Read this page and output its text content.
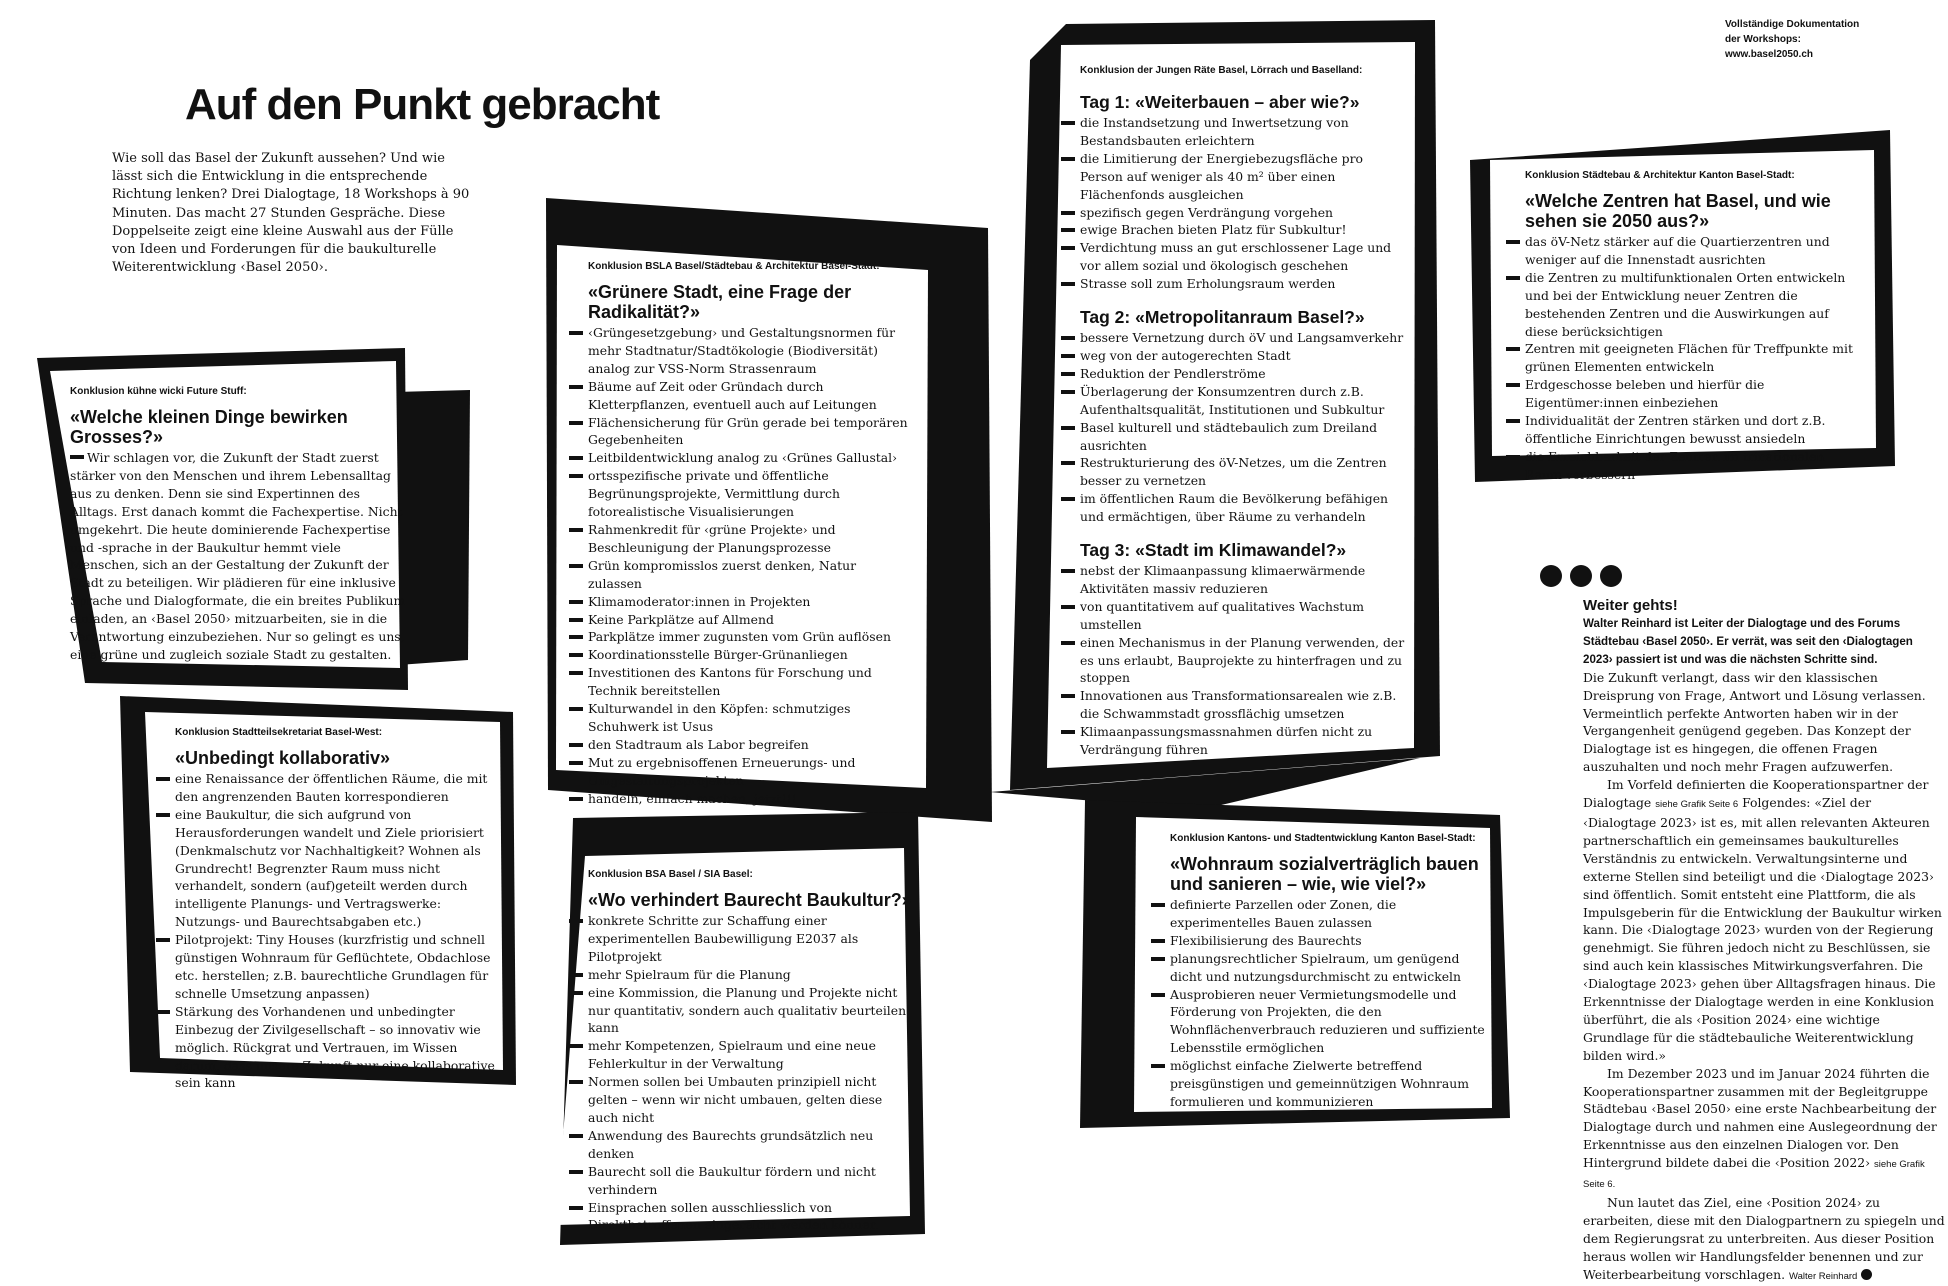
Auf den Punkt gebracht
Wie soll das Basel der Zukunft aussehen? Und wie lässt sich die Entwicklung in die entsprechende Richtung lenken? Drei Dialogtage, 18 Workshops à 90 Minuten. Das macht 27 Stunden Gespräche. Diese Doppelseite zeigt eine kleine Auswahl aus der Fülle von Ideen und Forderungen für die baukulturelle Weiterentwicklung ‹Basel 2050›.
Vollständige Dokumentation
der Workshops:
www.basel2050.ch
Konklusion kühne wicki Future Stuff:
«Welche kleinen Dinge bewirken Grosses?»

Wir schlagen vor, die Zukunft der Stadt zuerst stärker von den Menschen und ihrem Lebensalltag aus zu denken. Denn sie sind Expertinnen des Alltags. Erst danach kommt die Fachexpertise. Nicht umgekehrt. Die heute dominierende Fachexpertise und -sprache in der Baukultur hemmt viele Menschen, sich an der Gestaltung der Zukunft der Stadt zu beteiligen. Wir plädieren für eine inklusive Sprache und Dialogformate, die ein breites Publikum einladen, an ‹Basel 2050› mitzuarbeiten, sie in die Verantwortung einzubeziehen. Nur so gelingt es uns, eine grüne und zugleich soziale Stadt zu gestalten.

Konklusion Stadtteilsekretariat Basel-West:
«Unbedingt kollaborativ»
eine Renaissance der öffentlichen Räume, die mit den angrenzenden Bauten korrespondieren
eine Baukultur, die sich aufgrund von Herausforderungen wandelt und Ziele priorisiert (Denkmalschutz vor Nachhaltigkeit? Wohnen als Grundrecht! Begrenzter Raum muss nicht verhandelt, sondern (auf)geteilt werden durch intelligente Planungs- und Vertragswerke: Nutzungs- und Baurechtsabgaben etc.)
Pilotprojekt: Tiny Houses (kurzfristig und schnell günstigen Wohnraum für Geflüchtete, Obdachlose etc. herstellen; z.B. baurechtliche Grundlagen für schnelle Umsetzung anpassen)
Stärkung des Vorhandenen und unbedingter Einbezug der Zivilgesellschaft – so innovativ wie möglich. Rückgrat und Vertrauen, im Wissen darum, dass unsere Zukunft nur eine kollaborative sein kann
Konklusion BSLA Basel/Städtebau & Architektur Basel-Stadt:
«Grünere Stadt, eine Frage der Radikalität?»
‹Grüngesetzgebung› und Gestaltungsnormen für mehr Stadtnatur/Stadtökologie (Biodiversität) analog zur VSS-Norm Strassenraum
Bäume auf Zeit oder Gründach durch Kletterpflanzen, eventuell auch auf Leitungen
Flächensicherung für Grün gerade bei temporären Gegebenheiten
Leitbildentwicklung analog zu ‹Grünes Gallustal›
ortsspezifische private und öffentliche Begrünungsprojekte, Vermittlung durch fotorealistische Visualisierungen
Rahmenkredit für ‹grüne Projekte› und Beschleunigung der Planungsprozesse
Grün kompromisslos zuerst denken, Natur zulassen
Klimamoderator:innen in Projekten
Keine Parkplätze auf Allmend
Parkplätze immer zugunsten vom Grün auflösen
Koordinationsstelle Bürger-Grünanliegen
Investitionen des Kantons für Forschung und Technik bereitstellen
Kulturwandel in den Köpfen: schmutziges Schuhwerk ist Usus
den Stadtraum als Labor begreifen
Mut zu ergebnisoffenen Erneuerungs- und Umgestaltungsprojekten
handeln, einfach machen, jetzt!!!
Konklusion BSA Basel / SIA Basel:
«Wo verhindert Baurecht Baukultur?»
konkrete Schritte zur Schaffung einer experimentellen Baubewilligung E2037 als Pilotprojekt
mehr Spielraum für die Planung
eine Kommission, die Planung und Projekte nicht nur quantitativ, sondern auch qualitativ beurteilen kann
mehr Kompetenzen, Spielraum und eine neue Fehlerkultur in der Verwaltung
Normen sollen bei Umbauten prinzipiell nicht gelten – wenn wir nicht umbauen, gelten diese auch nicht
Anwendung des Baurechts grundsätzlich neu denken
Baurecht soll die Baukultur fördern und nicht verhindern
Einsprachen sollen ausschliesslich von Direktbetroffenen eingereicht werden können
Konklusion der Jungen Räte Basel, Lörrach und Baselland:
Tag 1: «Weiterbauen – aber wie?»
die Instandsetzung und Inwertsetzung von Bestandsbauten erleichtern
die Limitierung der Energiebezugsfläche pro Person auf weniger als 40 m² über einen Flächenfonds ausgleichen
spezifisch gegen Verdrängung vorgehen
ewige Brachen bieten Platz für Subkultur!
Verdichtung muss an gut erschlossener Lage und vor allem sozial und ökologisch geschehen
Strasse soll zum Erholungsraum werden
Tag 2: «Metropolitanraum Basel?»
bessere Vernetzung durch öV und Langsamverkehr
weg von der autogerechten Stadt
Reduktion der Pendlerströme
Überlagerung der Konsumzentren durch z.B. Aufenthaltsqualität, Institutionen und Subkultur
Basel kulturell und städtebaulich zum Dreiland ausrichten
Restrukturierung des öV-Netzes, um die Zentren besser zu vernetzen
im öffentlichen Raum die Bevölkerung befähigen und ermächtigen, über Räume zu verhandeln
Tag 3: «Stadt im Klimawandel?»
nebst der Klimaanpassung klimaerwärmende Aktivitäten massiv reduzieren
von quantitativem auf qualitatives Wachstum umstellen
einen Mechanismus in der Planung verwenden, der es uns erlaubt, Bauprojekte zu hinterfragen und zu stoppen
Innovationen aus Transformationsarealen wie z.B. die Schwammstadt grossflächig umsetzen
Klimaanpassungsmassnahmen dürfen nicht zu Verdrängung führen
Konklusion Kantons- und Stadtentwicklung Kanton Basel-Stadt:
«Wohnraum sozialverträglich bauen und sanieren – wie, wie viel?»
definierte Parzellen oder Zonen, die experimentelles Bauen zulassen
Flexibilisierung des Baurechts
planungsrechtlicher Spielraum, um genügend dicht und nutzungsdurchmischt zu entwickeln
Ausprobieren neuer Vermietungsmodelle und Förderung von Projekten, die den Wohnflächenverbrauch reduzieren und suffiziente Lebensstile ermöglichen
möglichst einfache Zielwerte betreffend preisgünstigen und gemeinnützigen Wohnraum formulieren und kommunizieren
Konklusion Städtebau & Architektur Kanton Basel-Stadt:
«Welche Zentren hat Basel, und wie sehen sie 2050 aus?»
das öV-Netz stärker auf die Quartierzentren und weniger auf die Innenstadt ausrichten
die Zentren zu multifunktionalen Orten entwickeln und bei der Entwicklung neuer Zentren die bestehenden Zentren und die Auswirkungen auf diese berücksichtigen
Zentren mit geeigneten Flächen für Treffpunkte mit grünen Elementen entwickeln
Erdgeschosse beleben und hierfür die Eigentümer:innen einbeziehen
Individualität der Zentren stärken und dort z.B. öffentliche Einrichtungen bewusst ansiedeln
die Erreichbarkeit der Zentren im trinationalen Raum verbessern
Weiter gehts!
Walter Reinhard ist Leiter der Dialogtage und des Forums Städtebau ‹Basel 2050›. Er verrät, was seit den ‹Dialogtagen 2023› passiert ist und was die nächsten Schritte sind.

Die Zukunft verlangt, dass wir den klassischen Dreisprung von Frage, Antwort und Lösung verlassen. Vermeintlich perfekte Antworten haben wir in der Vergangenheit genügend gegeben. Das Konzept der Dialogtage ist es hingegen, die offenen Fragen auszuhalten und noch mehr Fragen aufzuwerfen.

Im Vorfeld definierten die Kooperationspartner der Dialogtage siehe Grafik Seite 6 Folgendes: «Ziel der ‹Dialogtage 2023› ist es, mit allen relevanten Akteuren partnerschaftlich ein gemeinsames baukulturelles Verständnis zu entwickeln. Verwaltungsinterne und externe Stellen sind beteiligt und die ‹Dialogtage 2023› sind öffentlich. Somit entsteht eine Plattform, die als Impulsgeberin für die Entwicklung der Baukultur wirken kann. Die ‹Dialogtage 2023› wurden von der Regierung genehmigt. Sie führen jedoch nicht zu Beschlüssen, sie sind auch kein klassisches Mitwirkungsverfahren. Die ‹Dialogtage 2023› gehen über Alltagsfragen hinaus. Die Erkenntnisse der Dialogtage werden in eine Konklusion überführt, die als ‹Position 2024› eine wichtige Grundlage für die städtebauliche Weiterentwicklung bilden wird.»

Im Dezember 2023 und im Januar 2024 führten die Kooperationspartner zusammen mit der Begleitgruppe Städtebau ‹Basel 2050› eine erste Nachbearbeitung der Dialogtage durch und nahmen eine Auslegeordnung der Erkenntnisse aus den einzelnen Dialogen vor. Den Hintergrund bildete dabei die ‹Position 2022› siehe Grafik Seite 6.

Nun lautet das Ziel, eine ‹Position 2024› zu erarbeiten, diese mit den Dialogpartnern zu spiegeln und dem Regierungsrat zu unterbreiten. Aus dieser Position heraus wollen wir Handlungsfelder benennen und zur Weiterbearbeitung vorschlagen. Walter Reinhard
